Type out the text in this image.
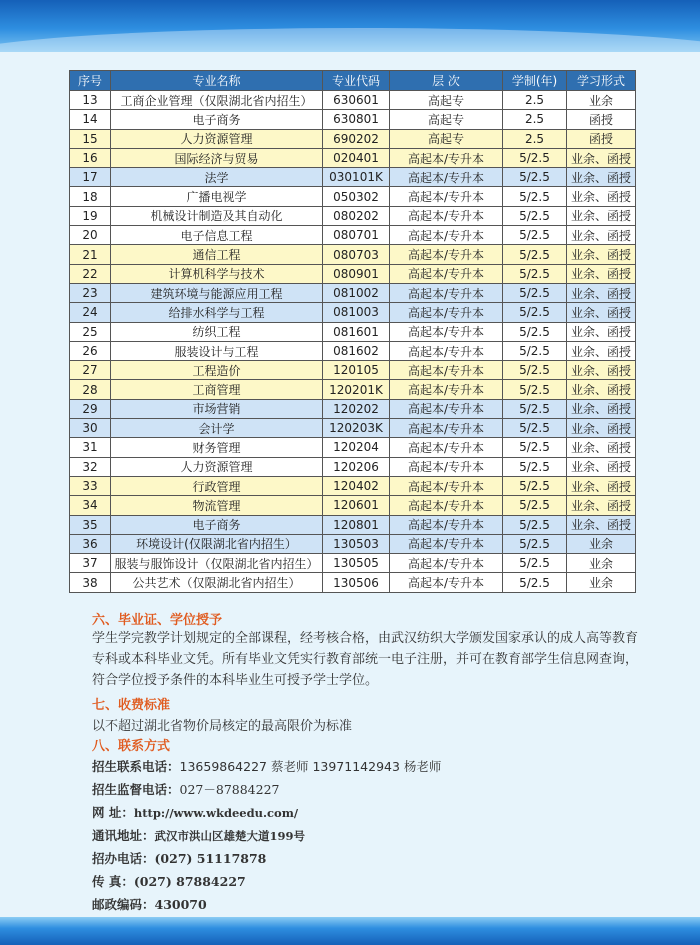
序号	专业名称	专业代码	层 次	学制(年)	学习形式
13	工商企业管理（仅限湖北省内招生）	630601	高起专	2.5	业余
14	电子商务	630801	高起专	2.5	函授
15	人力资源管理	690202	高起专	2.5	函授
16	国际经济与贸易	020401	高起本/专升本	5/2.5	业余、函授
17	法学	030101K	高起本/专升本	5/2.5	业余、函授
18	广播电视学	050302	高起本/专升本	5/2.5	业余、函授
19	机械设计制造及其自动化	080202	高起本/专升本	5/2.5	业余、函授
20	电子信息工程	080701	高起本/专升本	5/2.5	业余、函授
21	通信工程	080703	高起本/专升本	5/2.5	业余、函授
22	计算机科学与技术	080901	高起本/专升本	5/2.5	业余、函授
23	建筑环境与能源应用工程	081002	高起本/专升本	5/2.5	业余、函授
24	给排水科学与工程	081003	高起本/专升本	5/2.5	业余、函授
25	纺织工程	081601	高起本/专升本	5/2.5	业余、函授
26	服装设计与工程	081602	高起本/专升本	5/2.5	业余、函授
27	工程造价	120105	高起本/专升本	5/2.5	业余、函授
28	工商管理	120201K	高起本/专升本	5/2.5	业余、函授
29	市场营销	120202	高起本/专升本	5/2.5	业余、函授
30	会计学	120203K	高起本/专升本	5/2.5	业余、函授
31	财务管理	120204	高起本/专升本	5/2.5	业余、函授
32	人力资源管理	120206	高起本/专升本	5/2.5	业余、函授
33	行政管理	120402	高起本/专升本	5/2.5	业余、函授
34	物流管理	120601	高起本/专升本	5/2.5	业余、函授
35	电子商务	120801	高起本/专升本	5/2.5	业余、函授
36	环境设计(仅限湖北省内招生）	130503	高起本/专升本	5/2.5	业余
37	服装与服饰设计（仅限湖北省内招生）	130505	高起本/专升本	5/2.5	业余
38	公共艺术（仅限湖北省内招生）	130506	高起本/专升本	5/2.5	业余
六、毕业证、学位授予
学生学完教学计划规定的全部课程，经考核合格，由武汉纺织大学颁发国家承认的成人高等教育专科或本科毕业文凭。所有毕业文凭实行教育部统一电子注册，并可在教育部学生信息网查询，符合学位授予条件的本科毕业生可授予学士学位。
七、收费标准
以不超过湖北省物价局核定的最高限价为标准
八、联系方式
招生联系电话：13659864227 蔡老师 13971142943 杨老师
招生监督电话：027－87884227
网 址：http://www.wkdeedu.com/
通讯地址：武汉市洪山区雄楚大道199号
招办电话：(027) 51117878
传 真：(027) 87884227
邮政编码：430070
